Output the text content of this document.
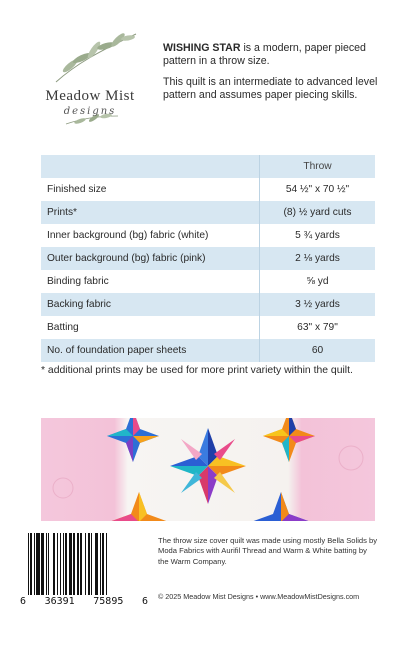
Meadow Mist
designs

WISHING STAR is a modern, paper pieced pattern in a throw size.

This quilt is an intermediate to advanced level pattern and assumes paper piecing skills.

Throw
Finished size	54 ½" x 70 ½"
Prints*	(8) ½ yard cuts
Inner background (bg) fabric (white)	5 ¾ yards
Outer background (bg) fabric (pink)	2 ⅛ yards
Binding fabric	⅝ yd
Backing fabric	3 ½ yards
Batting	63" x 79"
No. of foundation paper sheets	60
* additional prints may be used for more print variety within the quilt.
6 36391 75895 6
The throw size cover quilt was made using mostly Bella Solids by Moda Fabrics with Aurifil Thread and Warm & White batting by the Warm Company.
© 2025 Meadow Mist Designs • www.MeadowMistDesigns.com
